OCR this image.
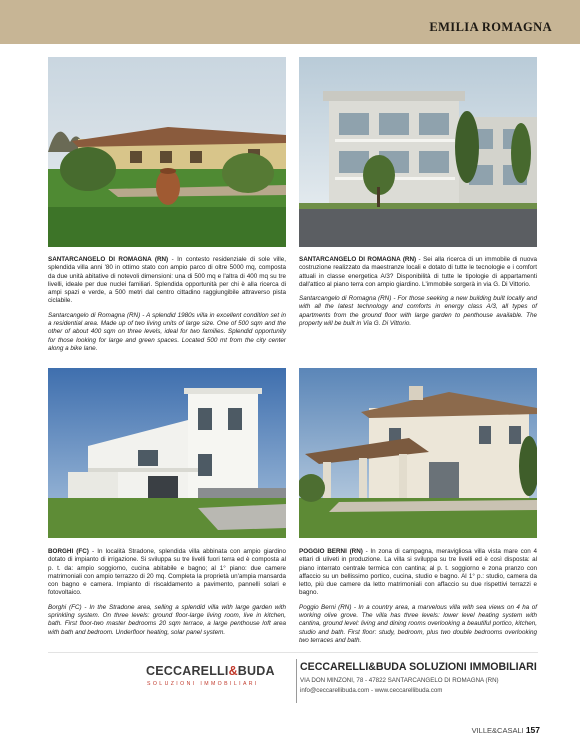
EMILIA ROMAGNA

SANTARCANGELO DI ROMAGNA (RN) - In contesto residenziale di sole ville, splendida villa anni '80 in ottimo stato con ampio parco di oltre 5000 mq, composta da due unità abitative di notevoli dimensioni: una di 500 mq e l'altra di 400 mq su tre livelli, ideale per due nuclei familiari. Splendida opportunità per chi è alla ricerca di ampi spazi e verde, a 500 metri dal centro cittadino raggiungibile attraverso pista ciclabile.

Santarcangelo di Romagna (RN) - A splendid 1980s villa in excellent condition set in a residential area. Made up of two living units of large size. One of 500 sqm and the other of about 400 sqm on three levels, ideal for two families. Splendid opportunity for those looking for large and green spaces. Located 500 mt from the city center along a bike lane.

SANTARCANGELO DI ROMAGNA (RN) - Sei alla ricerca di un immobile di nuova costruzione realizzato da maestranze locali e dotato di tutte le tecnologie e i comfort attuali in classe energetica A/3? Disponibilità di tutte le tipologie di appartamenti dall'attico al piano terra con ampio giardino. L'immobile sorgerà in via G. Di Vittorio.

Santarcangelo di Romagna (RN) - For those seeking a new building built locally and with all the latest technology and comforts in energy class A/3, all types of apartments from the ground floor with large garden to penthouse available. The property will be built in Via G. Di Vittorio.

BORGHI (FC) - In località Stradone, splendida villa abbinata con ampio giardino dotato di impianto di irrigazione. Si sviluppa su tre livelli fuori terra ed è composta al p. t. da: ampio soggiorno, cucina abitabile e bagno; al 1° piano: due camere matrimoniali con ampio terrazzo di 20 mq. Completa la proprietà un'ampia mansarda con bagno e camera. Impianto di riscaldamento a pavimento, pannelli solari e fotovoltaico.

Borghi (FC) - In the Stradone area, selling a splendid villa with large garden with sprinkling system. On three levels: ground floor-large living room, live in kitchen, bath. First floor-two master bedrooms 20 sqm terrace, a large penthouse loft area with bath and bedroom. Underfloor heating, solar panel system.

POGGIO BERNI (RN) - In zona di campagna, meravigliosa villa vista mare con 4 ettari di uliveti in produzione. La villa si sviluppa su tre livelli ed è così disposta: al piano interrato centrale termica con cantina; al p. t. soggiorno e zona pranzo con affaccio su un bellissimo portico, cucina, studio e bagno. Al 1° p.: studio, camera da letto, più due camere da letto matrimoniali con affaccio su due rispettivi terrazzi e bagno.

Poggio Berni (RN) - In a country area, a marvelous villa with sea views on 4 ha of working olive grove. The villa has three levels: lower level heating system with cantina, ground level: living and dining rooms overlooking a beautiful portico, kitchen, studio and bath. First floor: study, bedroom, plus two double bedrooms overlooking two terraces and bath.

CECCARELLI&BUDA
SOLUZIONI IMMOBILIARI
CECCARELLI&BUDA SOLUZIONI IMMOBILIARI
VIA DON MINZONI, 78 - 47822 SANTARCANGELO DI ROMAGNA (RN)
info@ceccarellibuda.com - www.ceccarellibuda.com
VILLE&CASALI 157
